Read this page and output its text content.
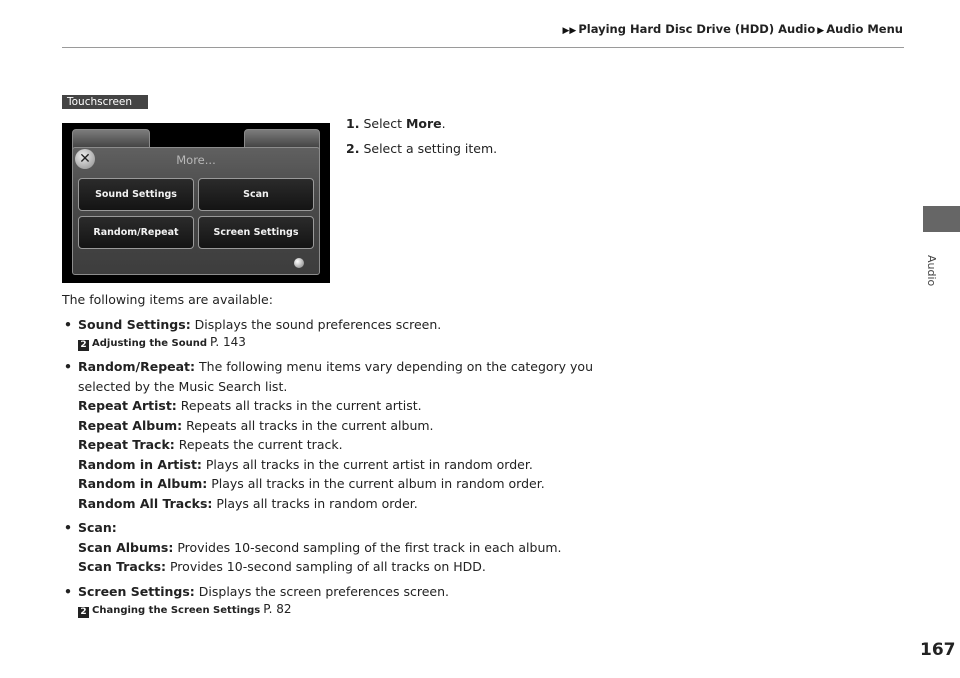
▶▶ Playing Hard Disc Drive (HDD) Audio ▶ Audio Menu
Audio
Touchscreen
✕	More...
Sound Settings	Scan
Random/Repeat	Screen Settings
1. Select More.
2. Select a setting item.
The following items are available:
• Sound Settings: Displays the sound preferences screen.
2 Adjusting the Sound P. 143
• Random/Repeat: The following menu items vary depending on the category you
selected by the Music Search list.
Repeat Artist: Repeats all tracks in the current artist.
Repeat Album: Repeats all tracks in the current album.
Repeat Track: Repeats the current track.
Random in Artist: Plays all tracks in the current artist in random order.
Random in Album: Plays all tracks in the current album in random order.
Random All Tracks: Plays all tracks in random order.
• Scan:
Scan Albums: Provides 10-second sampling of the first track in each album.
Scan Tracks: Provides 10-second sampling of all tracks on HDD.
• Screen Settings: Displays the screen preferences screen.
2 Changing the Screen Settings P. 82
167
